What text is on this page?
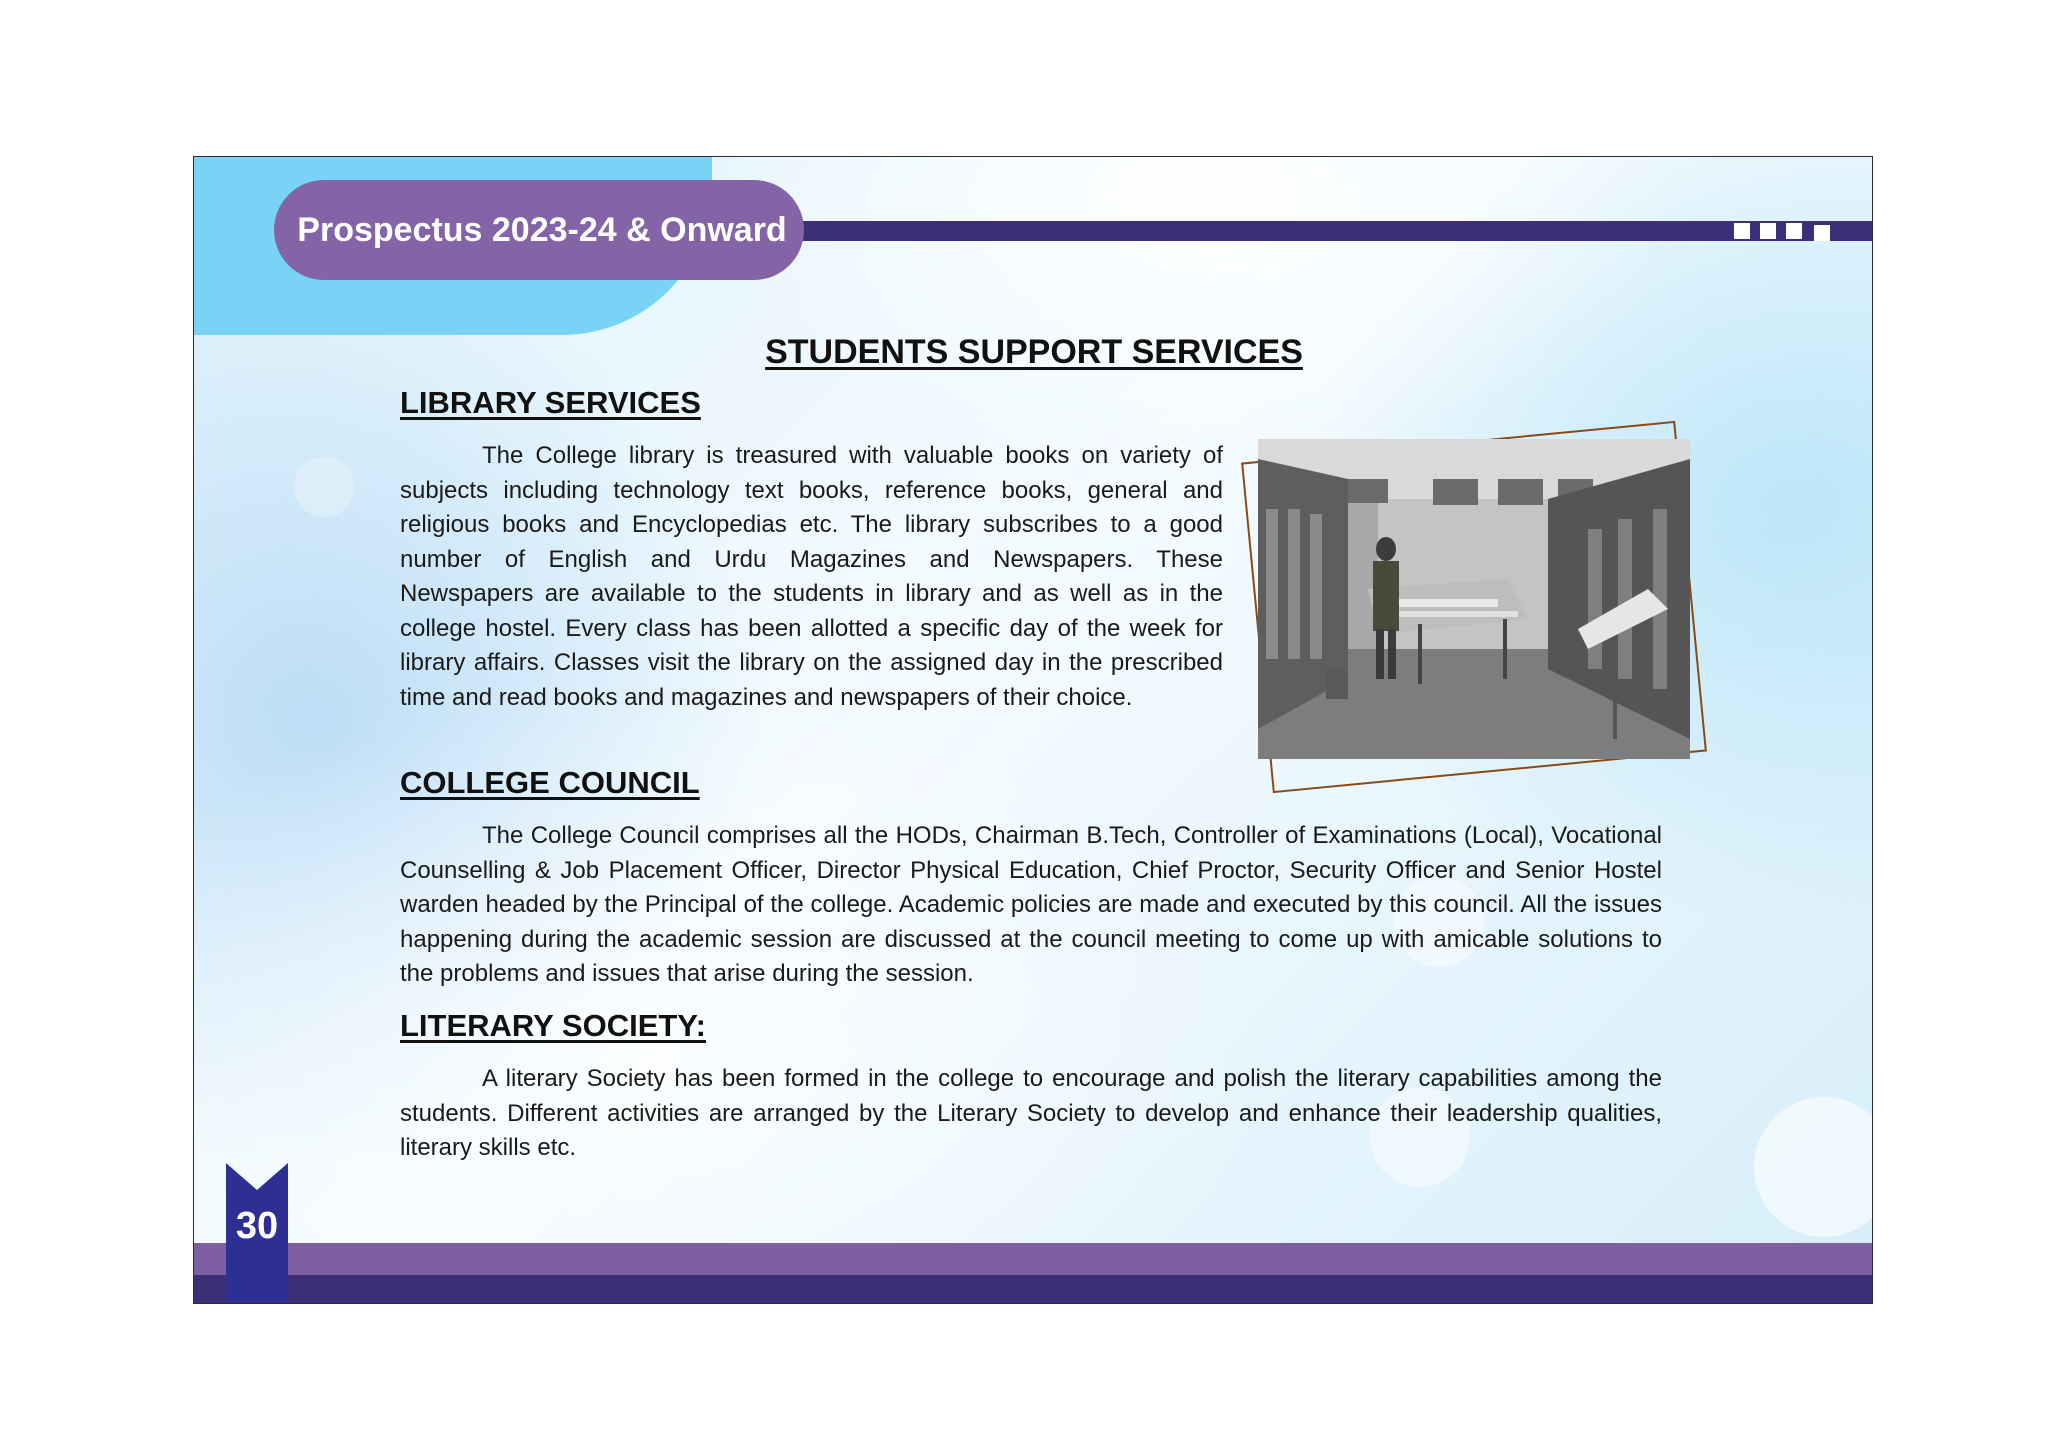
Prospectus 2023-24 & Onward
STUDENTS SUPPORT SERVICES
LIBRARY SERVICES

The College library is treasured with valuable books on variety of subjects including technology text books, reference books, general and religious books and Encyclopedias etc. The library subscribes to a good number of English and Urdu Magazines and Newspapers. These Newspapers are available to the students in library and as well as in the college hostel. Every class has been allotted a specific day of the week for library affairs. Classes visit the library on the assigned day in the prescribed time and read books and magazines and newspapers of their choice.

COLLEGE COUNCIL

The College Council comprises all the HODs, Chairman B.Tech, Controller of Examinations (Local), Vocational Counselling & Job Placement Officer, Director Physical Education, Chief Proctor, Security Officer and Senior Hostel warden headed by the Principal of the college. Academic policies are made and executed by this council. All the issues happening during the academic session are discussed at the council meeting to come up with amicable solutions to the problems and issues that arise during the session.

LITERARY SOCIETY:

A literary Society has been formed in the college to encourage and polish the literary capabilities among the students. Different activities are arranged by the Literary Society to develop and enhance their leadership qualities, literary skills etc.

30
